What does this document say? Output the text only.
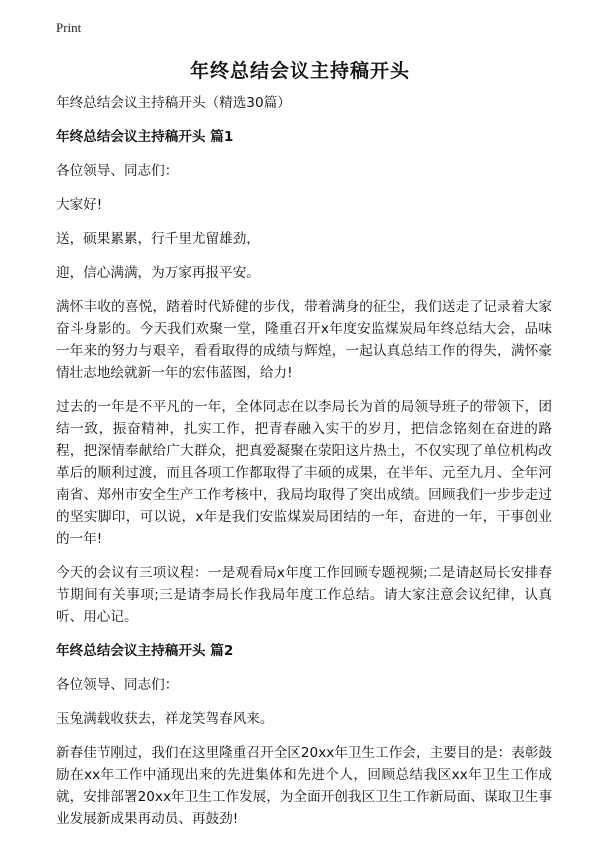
Print
年终总结会议主持稿开头
年终总结会议主持稿开头（精选30篇）
年终总结会议主持稿开头 篇1
各位领导、同志们：
大家好!
送，硕果累累，行千里尤留雄劲，
迎，信心满满，为万家再报平安。
满怀丰收的喜悦，踏着时代矫健的步伐，带着满身的征尘，我们送走了记录着大家奋斗身影的。今天我们欢聚一堂，隆重召开x年度安监煤炭局年终总结大会，品味一年来的努力与艰辛，看看取得的成绩与辉煌，一起认真总结工作的得失，满怀豪情壮志地绘就新一年的宏伟蓝图，给力!
过去的一年是不平凡的一年，全体同志在以李局长为首的局领导班子的带领下，团结一致，振奋精神，扎实工作，把青春融入实干的岁月，把信念铭刻在奋进的路程，把深情奉献给广大群众，把真爱凝聚在荥阳这片热土，不仅实现了单位机构改革后的顺利过渡，而且各项工作都取得了丰硕的成果，在半年、元至九月、全年河南省、郑州市安全生产工作考核中，我局均取得了突出成绩。回顾我们一步步走过的坚实脚印，可以说，x年是我们安监煤炭局团结的一年，奋进的一年，干事创业的一年!
今天的会议有三项议程：一是观看局x年度工作回顾专题视频;二是请赵局长安排春节期间有关事项;三是请李局长作我局年度工作总结。请大家注意会议纪律，认真听、用心记。
年终总结会议主持稿开头 篇2
各位领导、同志们：
玉兔满载收获去，祥龙笑驾春风来。
新春佳节刚过，我们在这里隆重召开全区20xx年卫生工作会，主要目的是：表彰鼓励在xx年工作中涌现出来的先进集体和先进个人，回顾总结我区xx年卫生工作成就，安排部署20xx年卫生工作发展，为全面开创我区卫生工作新局面、谋取卫生事业发展新成果再动员、再鼓劲!
